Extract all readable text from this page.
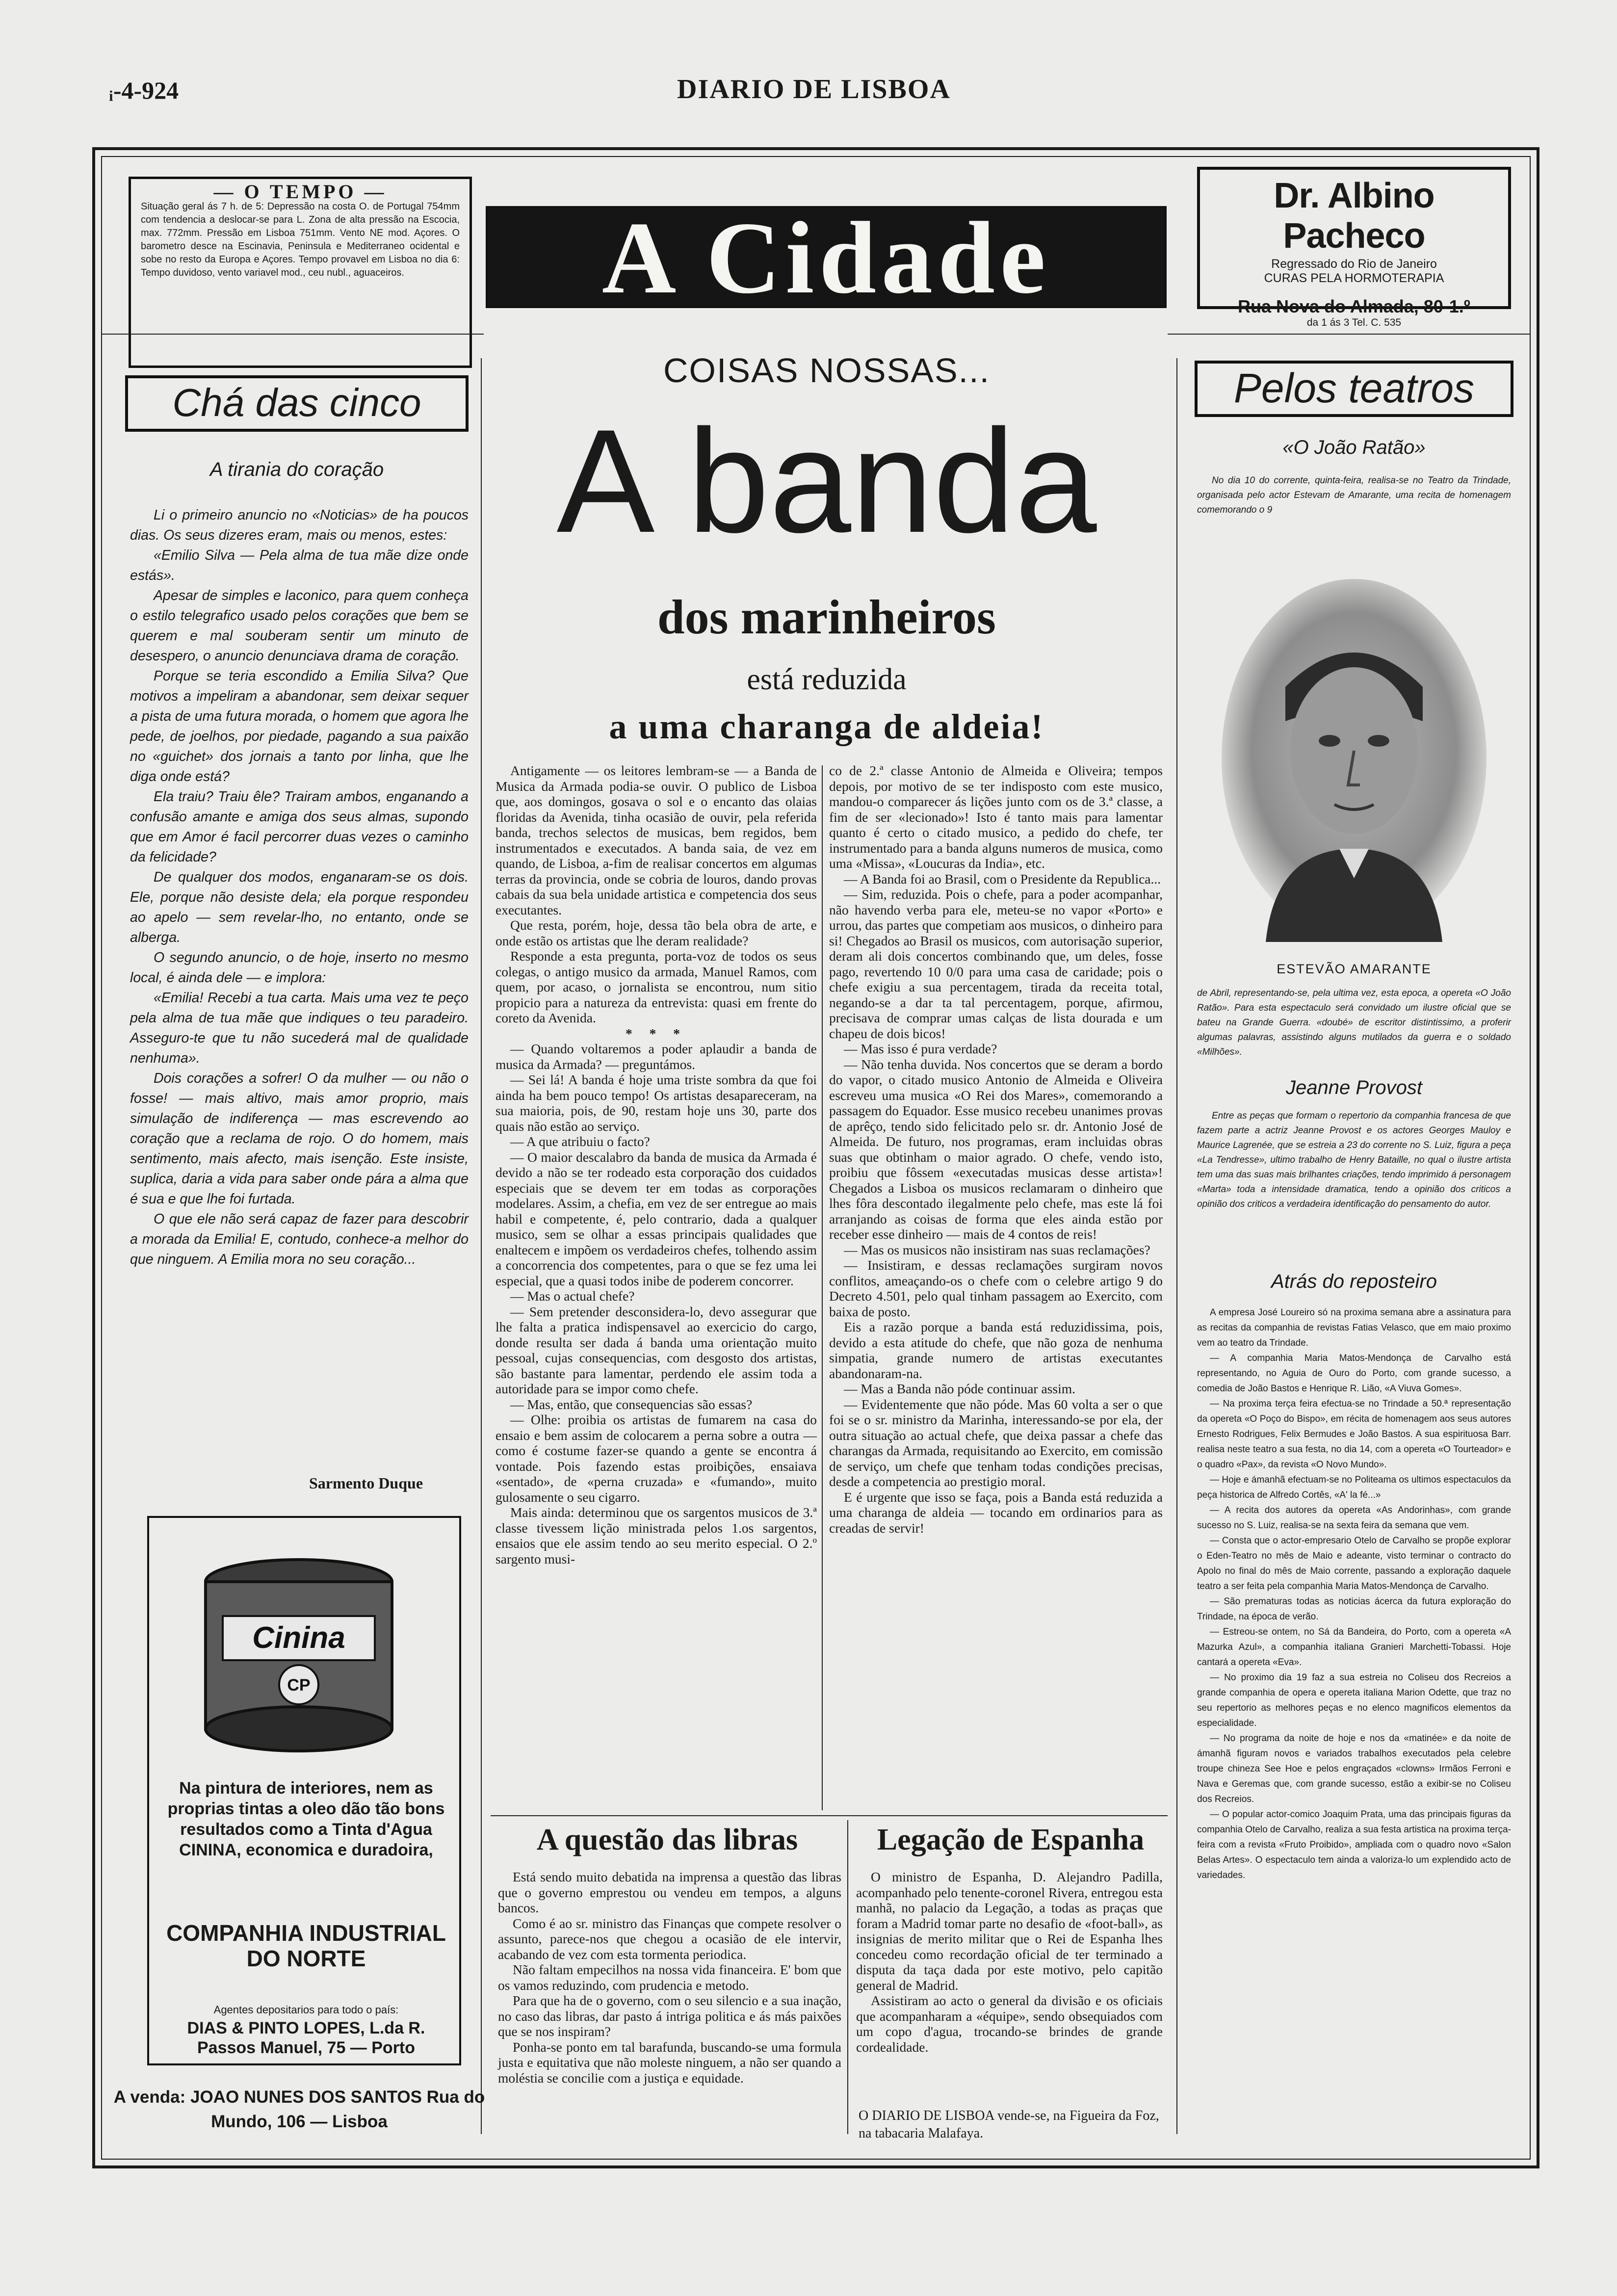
ᵢ-4-924	DIARIO DE LISBOA
— O TEMPO —
Situação geral ás 7 h. de 5: Depressão na costa O. de Portugal 754mm com tendencia a deslocar-se para L. Zona de alta pressão na Escocia, max. 772mm. Pressão em Lisboa 751mm. Vento NE mod. Açores. O barometro desce na Escinavia, Peninsula e Mediterraneo ocidental e sobe no resto da Europa e Açores. Tempo provavel em Lisboa no dia 6: Tempo duvidoso, vento variavel mod., ceu nubl., aguaceiros.	A Cidade
Dr. Albino Pacheco
Regressado do Rio de Janeiro
CURAS PELA HORMOTERAPIA
Rua Nova do Almada, 80-1.º
da 1 ás 3 Tel. C. 535
Chá das cinco
A tirania do coração

Li o primeiro anuncio no «Noticias» de ha poucos dias. Os seus dizeres eram, mais ou menos, estes:

«Emilio Silva — Pela alma de tua mãe dize onde estás».

Apesar de simples e laconico, para quem conheça o estilo telegrafico usado pelos corações que bem se querem e mal souberam sentir um minuto de desespero, o anuncio denunciava drama de coração.

Porque se teria escondido a Emilia Silva? Que motivos a impeliram a abandonar, sem deixar sequer a pista de uma futura morada, o homem que agora lhe pede, de joelhos, por piedade, pagando a sua paixão no «guichet» dos jornais a tanto por linha, que lhe diga onde está?

Ela traiu? Traiu êle? Trairam ambos, enganando a confusão amante e amiga dos seus almas, supondo que em Amor é facil percorrer duas vezes o caminho da felicidade?

De qualquer dos modos, enganaram-se os dois. Ele, porque não desiste dela; ela porque respondeu ao apelo — sem revelar-lho, no entanto, onde se alberga.

O segundo anuncio, o de hoje, inserto no mesmo local, é ainda dele — e implora:

«Emilia! Recebi a tua carta. Mais uma vez te peço pela alma de tua mãe que indiques o teu paradeiro. Asseguro-te que tu não sucederá mal de qualidade nenhuma».

Dois corações a sofrer! O da mulher — ou não o fosse! — mais altivo, mais amor proprio, mais simulação de indiferença — mas escrevendo ao coração que a reclama de rojo. O do homem, mais sentimento, mais afecto, mais isenção. Este insiste, suplica, daria a vida para saber onde pára a alma que é sua e que lhe foi furtada.

O que ele não será capaz de fazer para descobrir a morada da Emilia! E, contudo, conhece-a melhor do que ninguem. A Emilia mora no seu coração...

Sarmento Duque
CP
Cinina
Na pintura de interiores, nem as proprias tintas a oleo dão tão bons resultados como a Tinta d'Agua CININA, economica e duradoira,
COMPANHIA INDUSTRIAL DO NORTE
Agentes depositarios para todo o país:
DIAS & PINTO LOPES, L.da R. Passos Manuel, 75 — Porto
A venda: JOAO NUNES DOS SANTOS Rua do Mundo, 106 — Lisboa
COISAS NOSSAS...
A banda
dos marinheiros
está reduzida
a uma charanga de aldeia!

Antigamente — os leitores lembram-se — a Banda de Musica da Armada podia-se ouvir. O publico de Lisboa que, aos domingos, gosava o sol e o encanto das olaias floridas da Avenida, tinha ocasião de ouvir, pela referida banda, trechos selectos de musicas, bem regidos, bem instrumentados e executados. A banda saia, de vez em quando, de Lisboa, a-fim de realisar concertos em algumas terras da provincia, onde se cobria de louros, dando provas cabais da sua bela unidade artistica e competencia dos seus executantes.

Que resta, porém, hoje, dessa tão bela obra de arte, e onde estão os artistas que lhe deram realidade?

Responde a esta pregunta, porta-voz de todos os seus colegas, o antigo musico da armada, Manuel Ramos, com quem, por acaso, o jornalista se encontrou, num sitio propicio para a natureza da entrevista: quasi em frente do coreto da Avenida.

* * *

— Quando voltaremos a poder aplaudir a banda de musica da Armada? — preguntámos.

— Sei lá! A banda é hoje uma triste sombra da que foi ainda ha bem pouco tempo! Os artistas desapareceram, na sua maioria, pois, de 90, restam hoje uns 30, parte dos quais não estão ao serviço.

— A que atribuiu o facto?

— O maior descalabro da banda de musica da Armada é devido a não se ter rodeado esta corporação dos cuidados especiais que se devem ter em todas as corporações modelares. Assim, a chefia, em vez de ser entregue ao mais habil e competente, é, pelo contrario, dada a qualquer musico, sem se olhar a essas principais qualidades que enaltecem e impõem os verdadeiros chefes, tolhendo assim a concorrencia dos competentes, para o que se fez uma lei especial, que a quasi todos inibe de poderem concorrer.

— Mas o actual chefe?

— Sem pretender desconsidera-lo, devo assegurar que lhe falta a pratica indispensavel ao exercicio do cargo, donde resulta ser dada á banda uma orientação muito pessoal, cujas consequencias, com desgosto dos artistas, são bastante para lamentar, perdendo ele assim toda a autoridade para se impor como chefe.

— Mas, então, que consequencias são essas?

— Olhe: proibia os artistas de fumarem na casa do ensaio e bem assim de colocarem a perna sobre a outra — como é costume fazer-se quando a gente se encontra á vontade. Pois fazendo estas proibições, ensaiava «sentado», de «perna cruzada» e «fumando», muito gulosamente o seu cigarro.

Mais ainda: determinou que os sargentos musicos de 3.ª classe tivessem lição ministrada pelos 1.os sargentos, ensaios que ele assim tendo ao seu merito especial. O 2.º sargento musi-

co de 2.ª classe Antonio de Almeida e Oliveira; tempos depois, por motivo de se ter indisposto com este musico, mandou-o comparecer ás lições junto com os de 3.ª classe, a fim de ser «lecionado»! Isto é tanto mais para lamentar quanto é certo o citado musico, a pedido do chefe, ter instrumentado para a banda alguns numeros de musica, como uma «Missa», «Loucuras da India», etc.

— A Banda foi ao Brasil, com o Presidente da Republica...

— Sim, reduzida. Pois o chefe, para a poder acompanhar, não havendo verba para ele, meteu-se no vapor «Porto» e urrou, das partes que competiam aos musicos, o dinheiro para si! Chegados ao Brasil os musicos, com autorisação superior, deram ali dois concertos combinando que, um deles, fosse pago, revertendo 10 0/0 para uma casa de caridade; pois o chefe exigiu a sua percentagem, tirada da receita total, negando-se a dar ta tal percentagem, porque, afirmou, precisava de comprar umas calças de lista dourada e um chapeu de dois bicos!

— Mas isso é pura verdade?

— Não tenha duvida. Nos concertos que se deram a bordo do vapor, o citado musico Antonio de Almeida e Oliveira escreveu uma musica «O Rei dos Mares», comemorando a passagem do Equador. Esse musico recebeu unanimes provas de aprêço, tendo sido felicitado pelo sr. dr. Antonio José de Almeida. De futuro, nos programas, eram incluidas obras suas que obtinham o maior agrado. O chefe, vendo isto, proibiu que fôssem «executadas musicas desse artista»! Chegados a Lisboa os musicos reclamaram o dinheiro que lhes fôra descontado ilegalmente pelo chefe, mas este lá foi arranjando as coisas de forma que eles ainda estão por receber esse dinheiro — mais de 4 contos de reis!

— Mas os musicos não insistiram nas suas reclamações?

— Insistiram, e dessas reclamações surgiram novos conflitos, ameaçando-os o chefe com o celebre artigo 9 do Decreto 4.501, pelo qual tinham passagem ao Exercito, com baixa de posto.

Eis a razão porque a banda está reduzidissima, pois, devido a esta atitude do chefe, que não goza de nenhuma simpatia, grande numero de artistas executantes abandonaram-na.

— Mas a Banda não póde continuar assim.

— Evidentemente que não póde. Mas 60 volta a ser o que foi se o sr. ministro da Marinha, interessando-se por ela, der outra situação ao actual chefe, que deixa passar a chefe das charangas da Armada, requisitando ao Exercito, em comissão de serviço, um chefe que tenham todas condições precisas, desde a competencia ao prestigio moral.

E é urgente que isso se faça, pois a Banda está reduzida a uma charanga de aldeia — tocando em ordinarios para as creadas de servir!

A questão das libras

Está sendo muito debatida na imprensa a questão das libras que o governo emprestou ou vendeu em tempos, a alguns bancos.

Como é ao sr. ministro das Finanças que compete resolver o assunto, parece-nos que chegou a ocasião de ele intervir, acabando de vez com esta tormenta periodica.

Não faltam empecilhos na nossa vida financeira. E' bom que os vamos reduzindo, com prudencia e metodo.

Para que ha de o governo, com o seu silencio e a sua inação, no caso das libras, dar pasto á intriga politica e ás más paixões que se nos inspiram?

Ponha-se ponto em tal barafunda, buscando-se uma formula justa e equitativa que não moleste ninguem, a não ser quando a moléstia se concilie com a justiça e equidade.

Legação de Espanha

O ministro de Espanha, D. Alejandro Padilla, acompanhado pelo tenente-coronel Rivera, entregou esta manhã, no palacio da Legação, a todas as praças que foram a Madrid tomar parte no desafio de «foot-ball», as insignias de merito militar que o Rei de Espanha lhes concedeu como recordação oficial de ter terminado a disputa da taça dada por este motivo, pelo capitão general de Madrid.

Assistiram ao acto o general da divisão e os oficiais que acompanharam a «équipe», sendo obsequiados com um copo d'agua, trocando-se brindes de grande cordealidade.

O DIARIO DE LISBOA vende-se, na Figueira da Foz, na tabacaria Malafaya.
Pelos teatros
«O João Ratão»

No dia 10 do corrente, quinta-feira, realisa-se no Teatro da Trindade, organisada pelo actor Estevam de Amarante, uma recita de homenagem comemorando o 9

ESTEVÃO AMARANTE

de Abril, representando-se, pela ultima vez, esta epoca, a opereta «O João Ratão». Para esta espectaculo será convidado um ilustre oficial que se bateu na Grande Guerra. «doubé» de escritor distintissimo, a proferir algumas palavras, assistindo alguns mutilados da guerra e o soldado «Milhões».

Jeanne Provost

Entre as peças que formam o repertorio da companhia francesa de que fazem parte a actriz Jeanne Provost e os actores Georges Mauloy e Maurice Lagrenée, que se estreia a 23 do corrente no S. Luiz, figura a peça «La Tendresse», ultimo trabalho de Henry Bataille, no qual o ilustre artista tem uma das suas mais brilhantes criações, tendo imprimido á personagem «Marta» toda a intensidade dramatica, tendo a opinião dos criticos a opinião dos criticos a verdadeira identificação do pensamento do autor.

Atrás do reposteiro

A empresa José Loureiro só na proxima semana abre a assinatura para as recitas da companhia de revistas Fatias Velasco, que em maio proximo vem ao teatro da Trindade.

— A companhia Maria Matos-Mendonça de Carvalho está representando, no Aguia de Ouro do Porto, com grande sucesso, a comedia de João Bastos e Henrique R. Lião, «A Viuva Gomes».

— Na proxima terça feira efectua-se no Trindade a 50.ª representação da opereta «O Poço do Bispo», em récita de homenagem aos seus autores Ernesto Rodrigues, Felix Bermudes e João Bastos. A sua espirituosa Barr. realisa neste teatro a sua festa, no dia 14, com a opereta «O Tourteador» e o quadro «Pax», da revista «O Novo Mundo».

— Hoje e ámanhã efectuam-se no Politeama os ultimos espectaculos da peça historica de Alfredo Cortês, «A' la fé...»

— A recita dos autores da opereta «As Andorinhas», com grande sucesso no S. Luiz, realisa-se na sexta feira da semana que vem.

— Consta que o actor-empresario Otelo de Carvalho se propõe explorar o Eden-Teatro no mês de Maio e adeante, visto terminar o contracto do Apolo no final do mês de Maio corrente, passando a exploração daquele teatro a ser feita pela companhia Maria Matos-Mendonça de Carvalho.

— São prematuras todas as noticias ácerca da futura exploração do Trindade, na época de verão.

— Estreou-se ontem, no Sá da Bandeira, do Porto, com a opereta «A Mazurka Azul», a companhia italiana Granieri Marchetti-Tobassi. Hoje cantará a opereta «Eva».

— No proximo dia 19 faz a sua estreia no Coliseu dos Recreios a grande companhia de opera e opereta italiana Marion Odette, que traz no seu repertorio as melhores peças e no elenco magnificos elementos da especialidade.

— No programa da noite de hoje e nos da «matinée» e da noite de ámanhã figuram novos e variados trabalhos executados pela celebre troupe chineza See Hoe e pelos engraçados «clowns» Irmãos Ferroni e Nava e Geremas que, com grande sucesso, estão a exibir-se no Coliseu dos Recreios.

— O popular actor-comico Joaquim Prata, uma das principais figuras da companhia Otelo de Carvalho, realiza a sua festa artistica na proxima terça-feira com a revista «Fruto Proibido», ampliada com o quadro novo «Salon Belas Artes». O espectaculo tem ainda a valoriza-lo um explendido acto de variedades.
